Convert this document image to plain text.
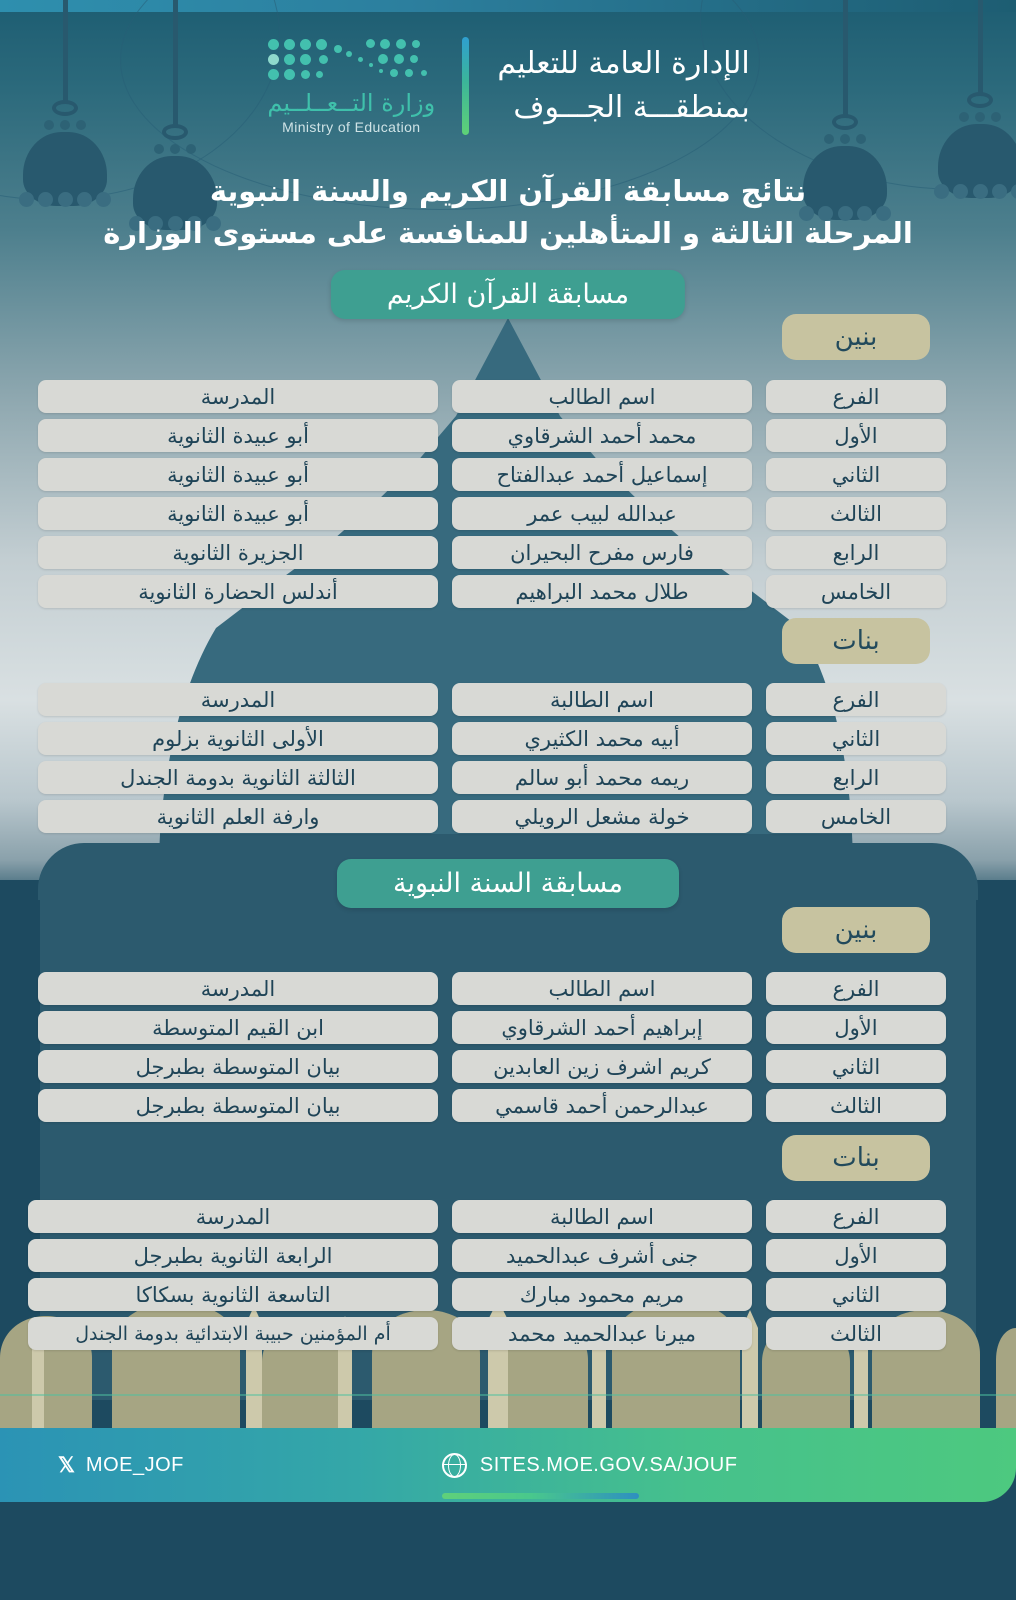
الإدارة العامة للتعليم
بمنطقـــة الجـــوف
وزارة التــعــلــيم
Ministry of Education
نتائج مسابقة القرآن الكريم والسنة النبوية
المرحلة الثالثة و المتأهلين للمنافسة على مستوى الوزارة
مسابقة القرآن الكريم
بنين
الفرع
اسم الطالب
المدرسة
الأول
محمد أحمد الشرقاوي
أبو عبيدة الثانوية
الثاني
إسماعيل أحمد عبدالفتاح
أبو عبيدة الثانوية
الثالث
عبدالله لبيب عمر
أبو عبيدة الثانوية
الرابع
فارس مفرح البحيران
الجزيرة الثانوية
الخامس
طلال محمد البراهيم
أندلس الحضارة الثانوية
بنات
الفرع
اسم الطالبة
المدرسة
الثاني
أبيه محمد الكثيري
الأولى الثانوية بزلوم
الرابع
ريمه محمد أبو سالم
الثالثة الثانوية بدومة الجندل
الخامس
خولة مشعل الرويلي
وارفة العلم الثانوية
مسابقة السنة النبوية
بنين
الفرع
اسم الطالب
المدرسة
الأول
إبراهيم أحمد الشرقاوي
ابن القيم المتوسطة
الثاني
كريم اشرف زين العابدين
بيان المتوسطة بطبرجل
الثالث
عبدالرحمن أحمد قاسمي
بيان المتوسطة بطبرجل
بنات
الفرع
اسم الطالبة
المدرسة
الأول
جنى أشرف عبدالحميد
الرابعة الثانوية بطبرجل
الثاني
مريم محمود مبارك
التاسعة الثانوية بسكاكا
الثالث
ميرنا عبدالحميد محمد
أم المؤمنين حبيبة الابتدائية بدومة الجندل
𝕏 MOE_JOF	SITES.MOE.GOV.SA/JOUF
